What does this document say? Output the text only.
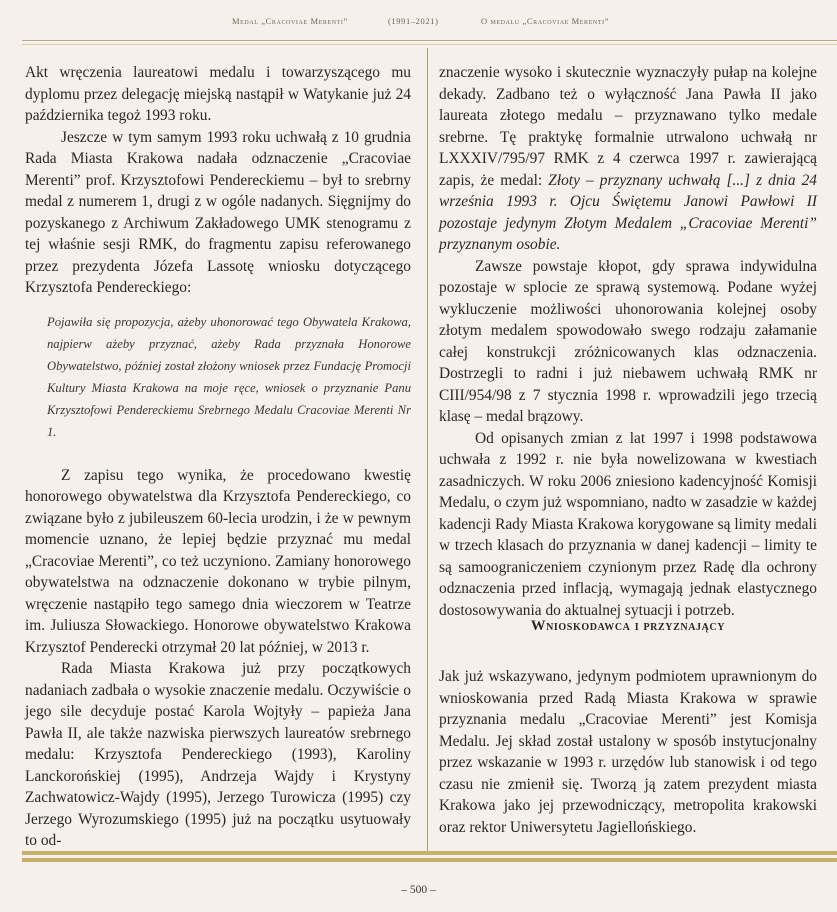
Medal „Cracoviae Merenti”	(1991–2021)	O medalu „Cracoviae Merenti”

Akt wręczenia laureatowi medalu i towarzyszącego mu dyplomu przez delegację miejską nastąpił w Watykanie już 24 października tegoż 1993 roku.

Jeszcze w tym samym 1993 roku uchwałą z 10 grudnia Rada Miasta Krakowa nadała odznaczenie „Cracoviae Merenti” prof. Krzysztofowi Pendereckiemu – był to srebrny medal z numerem 1, drugi z w ogóle nadanych. Sięgnijmy do pozyskanego z Archiwum Zakładowego UMK stenogramu z tej właśnie sesji RMK, do fragmentu zapisu referowanego przez prezydenta Józefa Lassotę wniosku dotyczącego Krzysztofa Pendereckiego:

Pojawiła się propozycja, ażeby uhonorować tego Obywatela Krakowa, najpierw ażeby przyznać, ażeby Rada przyznała Honorowe Obywatelstwo, później został złożony wniosek przez Fundację Promocji Kultury Miasta Krakowa na moje ręce, wniosek o przyznanie Panu Krzysztofowi Pendereckiemu Srebrnego Medalu Cracoviae Merenti Nr 1.

Z zapisu tego wynika, że procedowano kwestię honorowego obywatelstwa dla Krzysztofa Pendereckiego, co związane było z jubileuszem 60-lecia urodzin, i że w pewnym momencie uznano, że lepiej będzie przyznać mu medal „Cracoviae Merenti”, co też uczyniono. Zamiany honorowego obywatelstwa na odznaczenie dokonano w trybie pilnym, wręczenie nastąpiło tego samego dnia wieczorem w Teatrze im. Juliusza Słowackiego. Honorowe obywatelstwo Krakowa Krzysztof Penderecki otrzymał 20 lat później, w 2013 r.

Rada Miasta Krakowa już przy początkowych nadaniach zadbała o wysokie znaczenie medalu. Oczywiście o jego sile decyduje postać Karola Wojtyły – papieża Jana Pawła II, ale także nazwiska pierwszych laureatów srebrnego medalu: Krzysztofa Pendereckiego (1993), Karoliny Lanckorońskiej (1995), Andrzeja Wajdy i Krystyny Zachwatowicz-Wajdy (1995), Jerzego Turowicza (1995) czy Jerzego Wyrozumskiego (1995) już na początku usytuowały to od-

znaczenie wysoko i skutecznie wyznaczyły pułap na kolejne dekady. Zadbano też o wyłączność Jana Pawła II jako laureata złotego medalu – przyznawano tylko medale srebrne. Tę praktykę formalnie utrwalono uchwałą nr LXXXIV/795/97 RMK z 4 czerwca 1997 r. zawierającą zapis, że medal: Złoty – przyznany uchwałą [...] z dnia 24 września 1993 r. Ojcu Świętemu Janowi Pawłowi II pozostaje jedynym Złotym Medalem „Cracoviae Merenti” przyznanym osobie.

Zawsze powstaje kłopot, gdy sprawa indywidulna pozostaje w splocie ze sprawą systemową. Podane wyżej wykluczenie możliwości uhonorowania kolejnej osoby złotym medalem spowodowało swego rodzaju załamanie całej konstrukcji zróżnicowanych klas odznaczenia. Dostrzegli to radni i już niebawem uchwałą RMK nr CIII/954/98 z 7 stycznia 1998 r. wprowadzili jego trzecią klasę – medal brązowy.

Od opisanych zmian z lat 1997 i 1998 podstawowa uchwała z 1992 r. nie była nowelizowana w kwestiach zasadniczych. W roku 2006 zniesiono kadencyjność Komisji Medalu, o czym już wspomniano, nadto w zasadzie w każdej kadencji Rady Miasta Krakowa korygowane są limity medali w trzech klasach do przyznania w danej kadencji – limity te są samoograniczeniem czynionym przez Radę dla ochrony odznaczenia przed inflacją, wymagają jednak elastycznego dostosowywania do aktualnej sytuacji i potrzeb.

Wnioskodawca i przyznający

Jak już wskazywano, jedynym podmiotem uprawnionym do wnioskowania przed Radą Miasta Krakowa w sprawie przyznania medalu „Cracoviae Merenti” jest Komisja Medalu. Jej skład został ustalony w sposób instytucjonalny przez wskazanie w 1993 r. urzędów lub stanowisk i od tego czasu nie zmienił się. Tworzą ją zatem prezydent miasta Krakowa jako jej przewodniczący, metropolita krakowski oraz rektor Uniwersytetu Jagiellońskiego.

– 500 –
